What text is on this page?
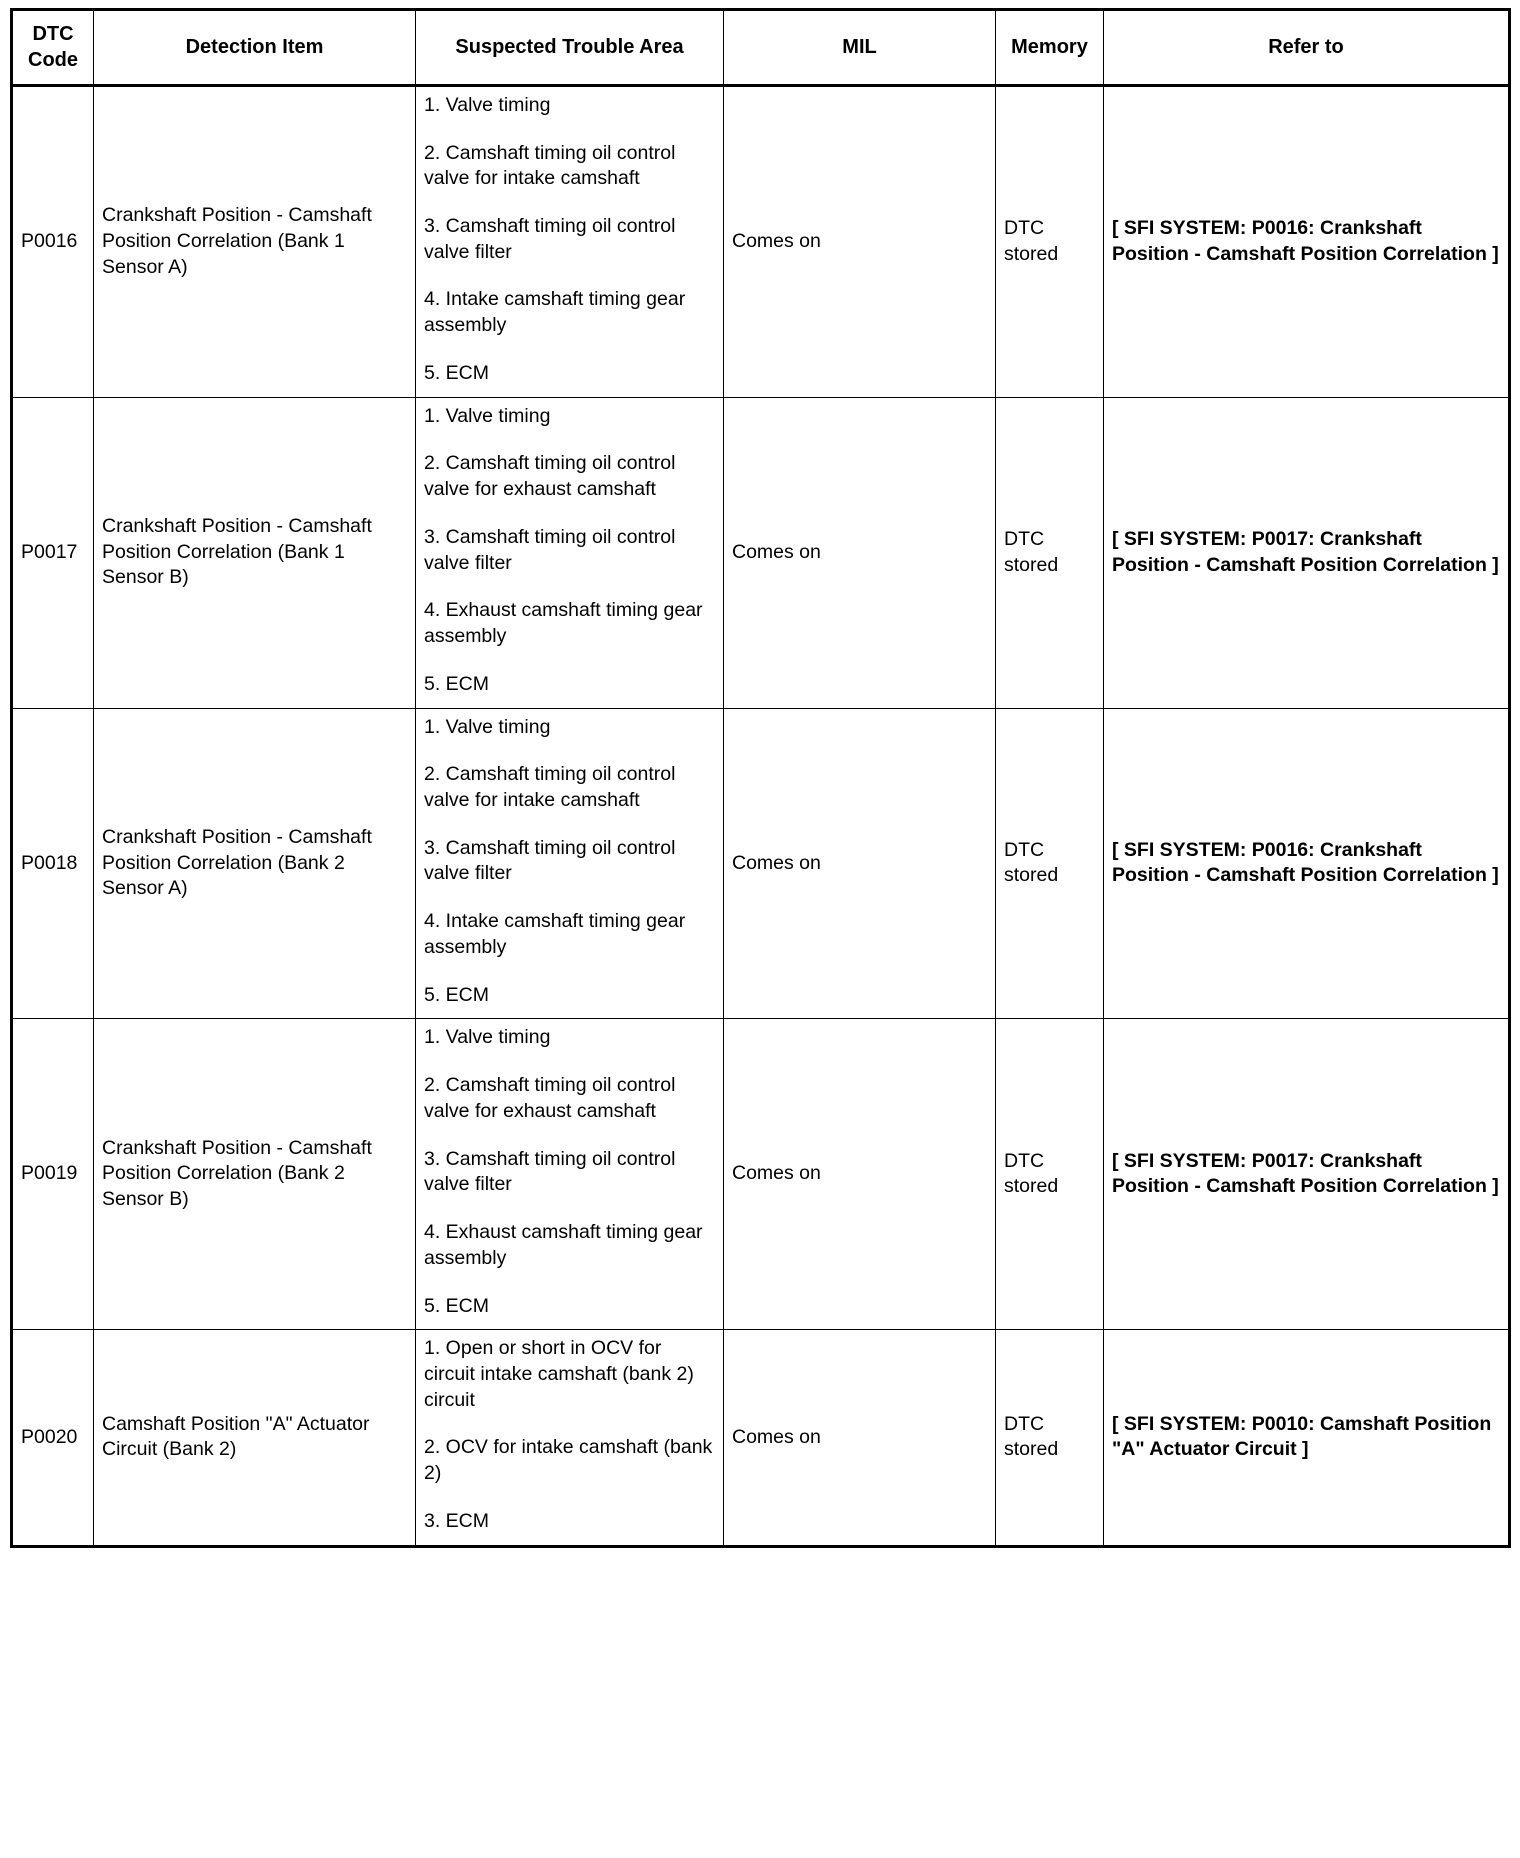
DTC
Code	Detection Item	Suspected Trouble Area	MIL	Memory	Refer to
P0016	Crankshaft Position - Camshaft Position Correlation (Bank 1 Sensor A)	1. Valve timing
2. Camshaft timing oil control valve for intake camshaft
3. Camshaft timing oil control valve filter
4. Intake camshaft timing gear assembly
5. ECM	Comes on	DTC stored	[ SFI SYSTEM: P0016: Crankshaft Position - Camshaft Position Correlation ]
P0017	Crankshaft Position - Camshaft Position Correlation (Bank 1 Sensor B)	1. Valve timing
2. Camshaft timing oil control valve for exhaust camshaft
3. Camshaft timing oil control valve filter
4. Exhaust camshaft timing gear assembly
5. ECM	Comes on	DTC stored	[ SFI SYSTEM: P0017: Crankshaft Position - Camshaft Position Correlation ]
P0018	Crankshaft Position - Camshaft Position Correlation (Bank 2 Sensor A)	1. Valve timing
2. Camshaft timing oil control valve for intake camshaft
3. Camshaft timing oil control valve filter
4. Intake camshaft timing gear assembly
5. ECM	Comes on	DTC stored	[ SFI SYSTEM: P0016: Crankshaft Position - Camshaft Position Correlation ]
P0019	Crankshaft Position - Camshaft Position Correlation (Bank 2 Sensor B)	1. Valve timing
2. Camshaft timing oil control valve for exhaust camshaft
3. Camshaft timing oil control valve filter
4. Exhaust camshaft timing gear assembly
5. ECM	Comes on	DTC stored	[ SFI SYSTEM: P0017: Crankshaft Position - Camshaft Position Correlation ]
P0020	Camshaft Position "A" Actuator Circuit (Bank 2)	1. Open or short in OCV for circuit intake camshaft (bank 2) circuit
2. OCV for intake camshaft (bank 2)
3. ECM	Comes on	DTC stored	[ SFI SYSTEM: P0010: Camshaft Position "A" Actuator Circuit ]
